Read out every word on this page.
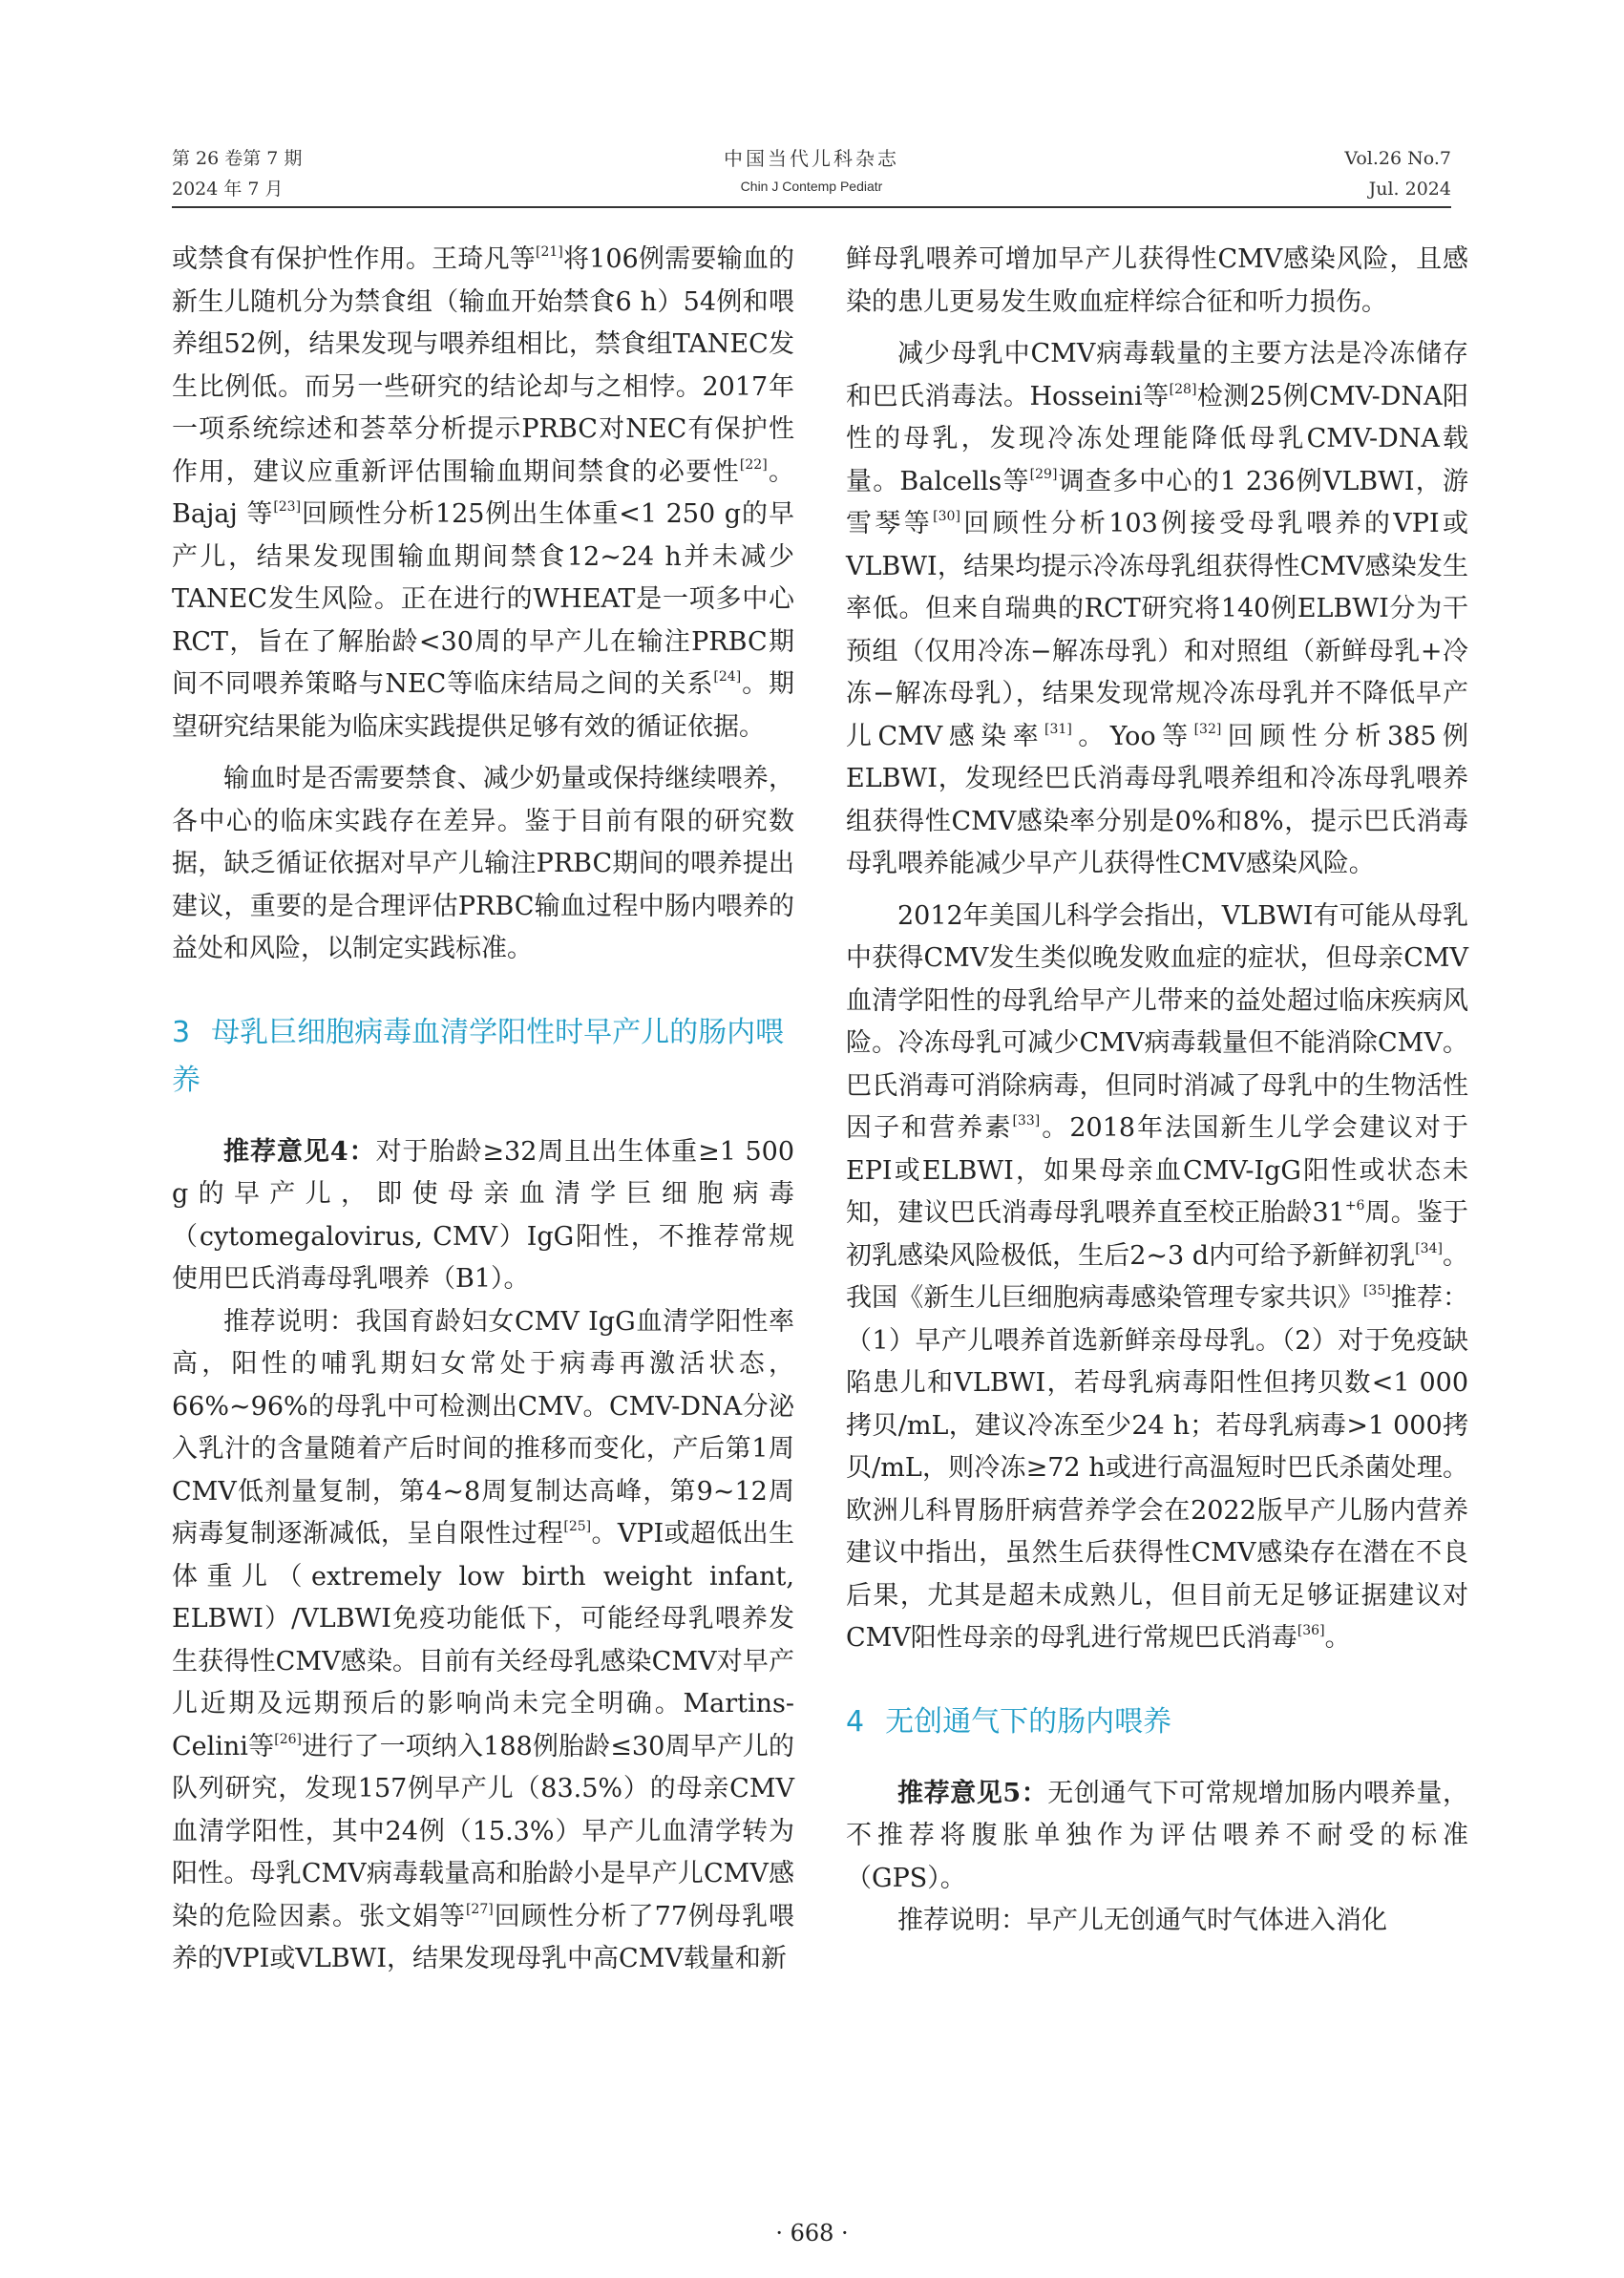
第 26 卷第 7 期
2024 年 7 月
中国当代儿科杂志
Chin J Contemp Pediatr
Vol.26 No.7
Jul. 2024

或禁食有保护性作用。王琦凡等[21]将106例需要输血的新生儿随机分为禁食组（输血开始禁食6 h）54例和喂养组52例，结果发现与喂养组相比，禁食组TANEC发生比例低。而另一些研究的结论却与之相悖。2017年一项系统综述和荟萃分析提示PRBC对NEC有保护性作用，建议应重新评估围输血期间禁食的必要性[22]。Bajaj 等[23]回顾性分析125例出生体重<1 250 g的早产儿，结果发现围输血期间禁食12~24 h并未减少TANEC发生风险。正在进行的WHEAT是一项多中心RCT，旨在了解胎龄<30周的早产儿在输注PRBC期间不同喂养策略与NEC等临床结局之间的关系[24]。期望研究结果能为临床实践提供足够有效的循证依据。

输血时是否需要禁食、减少奶量或保持继续喂养，各中心的临床实践存在差异。鉴于目前有限的研究数据，缺乏循证依据对早产儿输注PRBC期间的喂养提出建议，重要的是合理评估PRBC输血过程中肠内喂养的益处和风险，以制定实践标准。

3 母乳巨细胞病毒血清学阳性时早产儿的肠内喂养

推荐意见4：对于胎龄≥32周且出生体重≥1 500 g的早产儿，即使母亲血清学巨细胞病毒（cytomegalovirus, CMV）IgG阳性，不推荐常规使用巴氏消毒母乳喂养（B1）。

推荐说明：我国育龄妇女CMV IgG血清学阳性率高，阳性的哺乳期妇女常处于病毒再激活状态，66%~96%的母乳中可检测出CMV。CMV-DNA分泌入乳汁的含量随着产后时间的推移而变化，产后第1周CMV低剂量复制，第4~8周复制达高峰，第9~12周病毒复制逐渐减低，呈自限性过程[25]。VPI或超低出生体重儿（extremely low birth weight infant, ELBWI）/VLBWI免疫功能低下，可能经母乳喂养发生获得性CMV感染。目前有关经母乳感染CMV对早产儿近期及远期预后的影响尚未完全明确。Martins-Celini等[26]进行了一项纳入188例胎龄≤30周早产儿的队列研究，发现157例早产儿（83.5%）的母亲CMV血清学阳性，其中24例（15.3%）早产儿血清学转为阳性。母乳CMV病毒载量高和胎龄小是早产儿CMV感染的危险因素。张文娟等[27]回顾性分析了77例母乳喂养的VPI或VLBWI，结果发现母乳中高CMV载量和新

鲜母乳喂养可增加早产儿获得性CMV感染风险，且感染的患儿更易发生败血症样综合征和听力损伤。

减少母乳中CMV病毒载量的主要方法是冷冻储存和巴氏消毒法。Hosseini等[28]检测25例CMV-DNA阳性的母乳，发现冷冻处理能降低母乳CMV-DNA载量。Balcells等[29]调查多中心的1 236例VLBWI，游雪琴等[30]回顾性分析103例接受母乳喂养的VPI或VLBWI，结果均提示冷冻母乳组获得性CMV感染发生率低。但来自瑞典的RCT研究将140例ELBWI分为干预组（仅用冷冻−解冻母乳）和对照组（新鲜母乳+冷冻−解冻母乳），结果发现常规冷冻母乳并不降低早产儿CMV感染率[31]。Yoo等[32]回顾性分析385例ELBWI，发现经巴氏消毒母乳喂养组和冷冻母乳喂养组获得性CMV感染率分别是0%和8%，提示巴氏消毒母乳喂养能减少早产儿获得性CMV感染风险。

2012年美国儿科学会指出，VLBWI有可能从母乳中获得CMV发生类似晚发败血症的症状，但母亲CMV血清学阳性的母乳给早产儿带来的益处超过临床疾病风险。冷冻母乳可减少CMV病毒载量但不能消除CMV。巴氏消毒可消除病毒，但同时消减了母乳中的生物活性因子和营养素[33]。2018年法国新生儿学会建议对于EPI或ELBWI，如果母亲血CMV-IgG阳性或状态未知，建议巴氏消毒母乳喂养直至校正胎龄$31^{+6}$周。鉴于初乳感染风险极低，生后2~3 d内可给予新鲜初乳[34]。我国《新生儿巨细胞病毒感染管理专家共识》[35]推荐：（1）早产儿喂养首选新鲜亲母母乳。（2）对于免疫缺陷患儿和VLBWI，若母乳病毒阳性但拷贝数<1 000拷贝/mL，建议冷冻至少24 h；若母乳病毒>1 000拷贝/mL，则冷冻≥72 h或进行高温短时巴氏杀菌处理。欧洲儿科胃肠肝病营养学会在2022版早产儿肠内营养建议中指出，虽然生后获得性CMV感染存在潜在不良后果，尤其是超未成熟儿，但目前无足够证据建议对CMV阳性母亲的母乳进行常规巴氏消毒[36]。

4 无创通气下的肠内喂养

推荐意见5：无创通气下可常规增加肠内喂养量，不推荐将腹胀单独作为评估喂养不耐受的标准（GPS）。

推荐说明：早产儿无创通气时气体进入消化

· 668 ·
